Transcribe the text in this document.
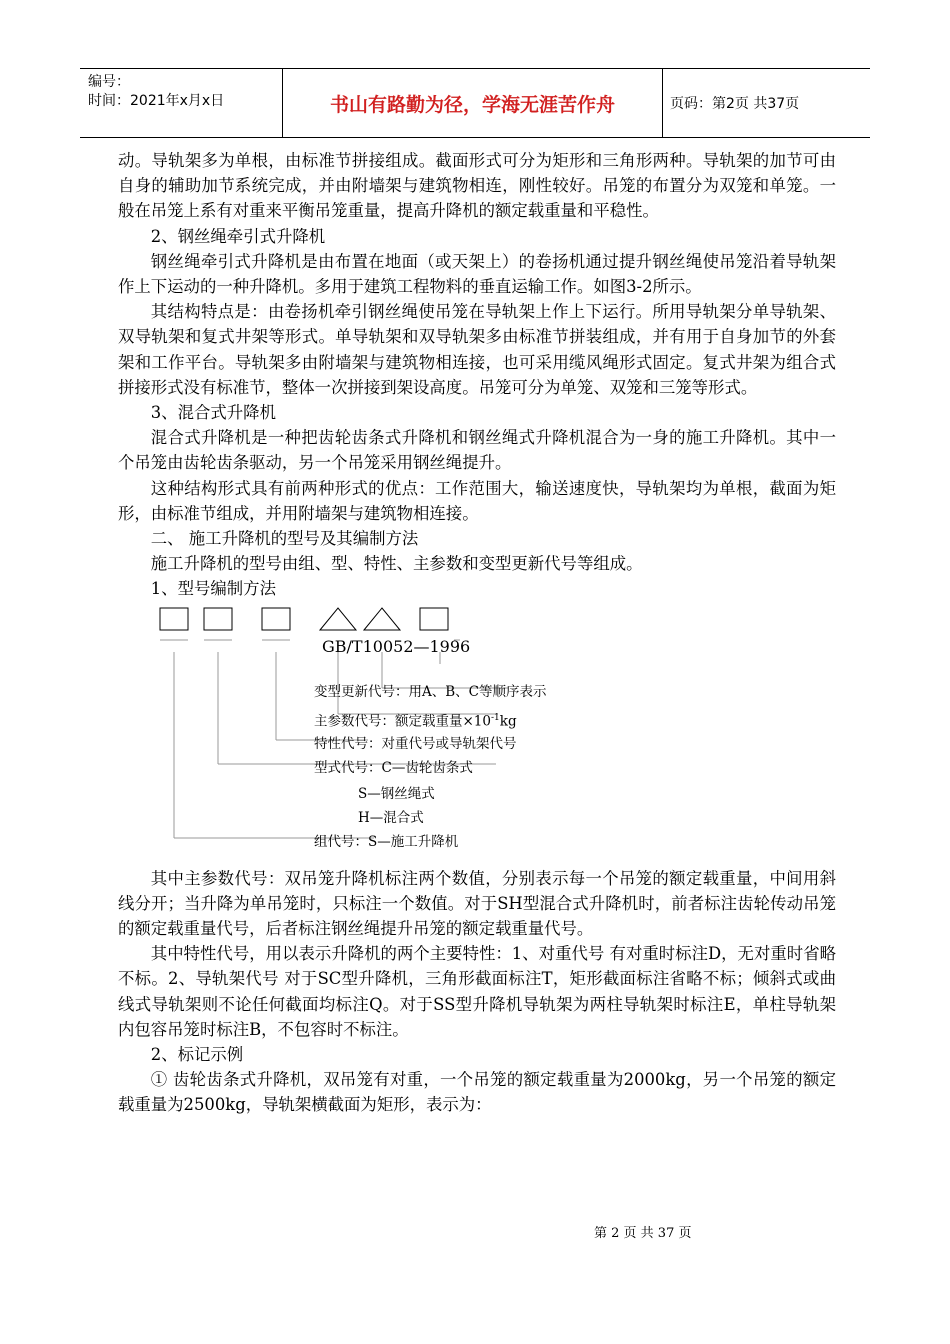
编号：
时间：2021年x月x日	书山有路勤为径，学海无涯苦作舟	页码：第2页 共37页

动。导轨架多为单根，由标准节拼接组成。截面形式可分为矩形和三角形两种。导轨架的加节可由自身的辅助加节系统完成，并由附墙架与建筑物相连，刚性较好。吊笼的布置分为双笼和单笼。一般在吊笼上系有对重来平衡吊笼重量，提高升降机的额定载重量和平稳性。

2、钢丝绳牵引式升降机

钢丝绳牵引式升降机是由布置在地面（或天架上）的卷扬机通过提升钢丝绳使吊笼沿着导轨架作上下运动的一种升降机。多用于建筑工程物料的垂直运输工作。如图3-2所示。

其结构特点是：由卷扬机牵引钢丝绳使吊笼在导轨架上作上下运行。所用导轨架分单导轨架、双导轨架和复式井架等形式。单导轨架和双导轨架多由标准节拼装组成，并有用于自身加节的外套架和工作平台。导轨架多由附墙架与建筑物相连接，也可采用缆风绳形式固定。复式井架为组合式拼接形式没有标准节，整体一次拼接到架设高度。吊笼可分为单笼、双笼和三笼等形式。

3、混合式升降机

混合式升降机是一种把齿轮齿条式升降机和钢丝绳式升降机混合为一身的施工升降机。其中一个吊笼由齿轮齿条驱动，另一个吊笼采用钢丝绳提升。

这种结构形式具有前两种形式的优点：工作范围大，输送速度快，导轨架均为单根，截面为矩形，由标准节组成，并用附墙架与建筑物相连接。

二、 施工升降机的型号及其编制方法

施工升降机的型号由组、型、特性、主参数和变型更新代号等组成。

1、型号编制方法

GB/T10052—1996
变型更新代号：用A、B、C等顺序表示
主参数代号：额定载重量$\times 10^{-1}kg$
特性代号：对重代号或导轨架代号
型式代号：C—齿轮齿条式
S—钢丝绳式
H—混合式
组代号：S—施工升降机

其中主参数代号：双吊笼升降机标注两个数值，分别表示每一个吊笼的额定载重量，中间用斜线分开；当升降为单吊笼时，只标注一个数值。对于SH型混合式升降机时，前者标注齿轮传动吊笼的额定载重量代号，后者标注钢丝绳提升吊笼的额定载重量代号。

其中特性代号，用以表示升降机的两个主要特性：1、对重代号 有对重时标注D，无对重时省略不标。2、导轨架代号 对于SC型升降机，三角形截面标注T，矩形截面标注省略不标；倾斜式或曲线式导轨架则不论任何截面均标注Q。对于SS型升降机导轨架为两柱导轨架时标注E，单柱导轨架内包容吊笼时标注B，不包容时不标注。

2、标记示例

① 齿轮齿条式升降机，双吊笼有对重，一个吊笼的额定载重量为2000kg，另一个吊笼的额定载重量为2500kg，导轨架横截面为矩形，表示为：

第 2 页 共 37 页
